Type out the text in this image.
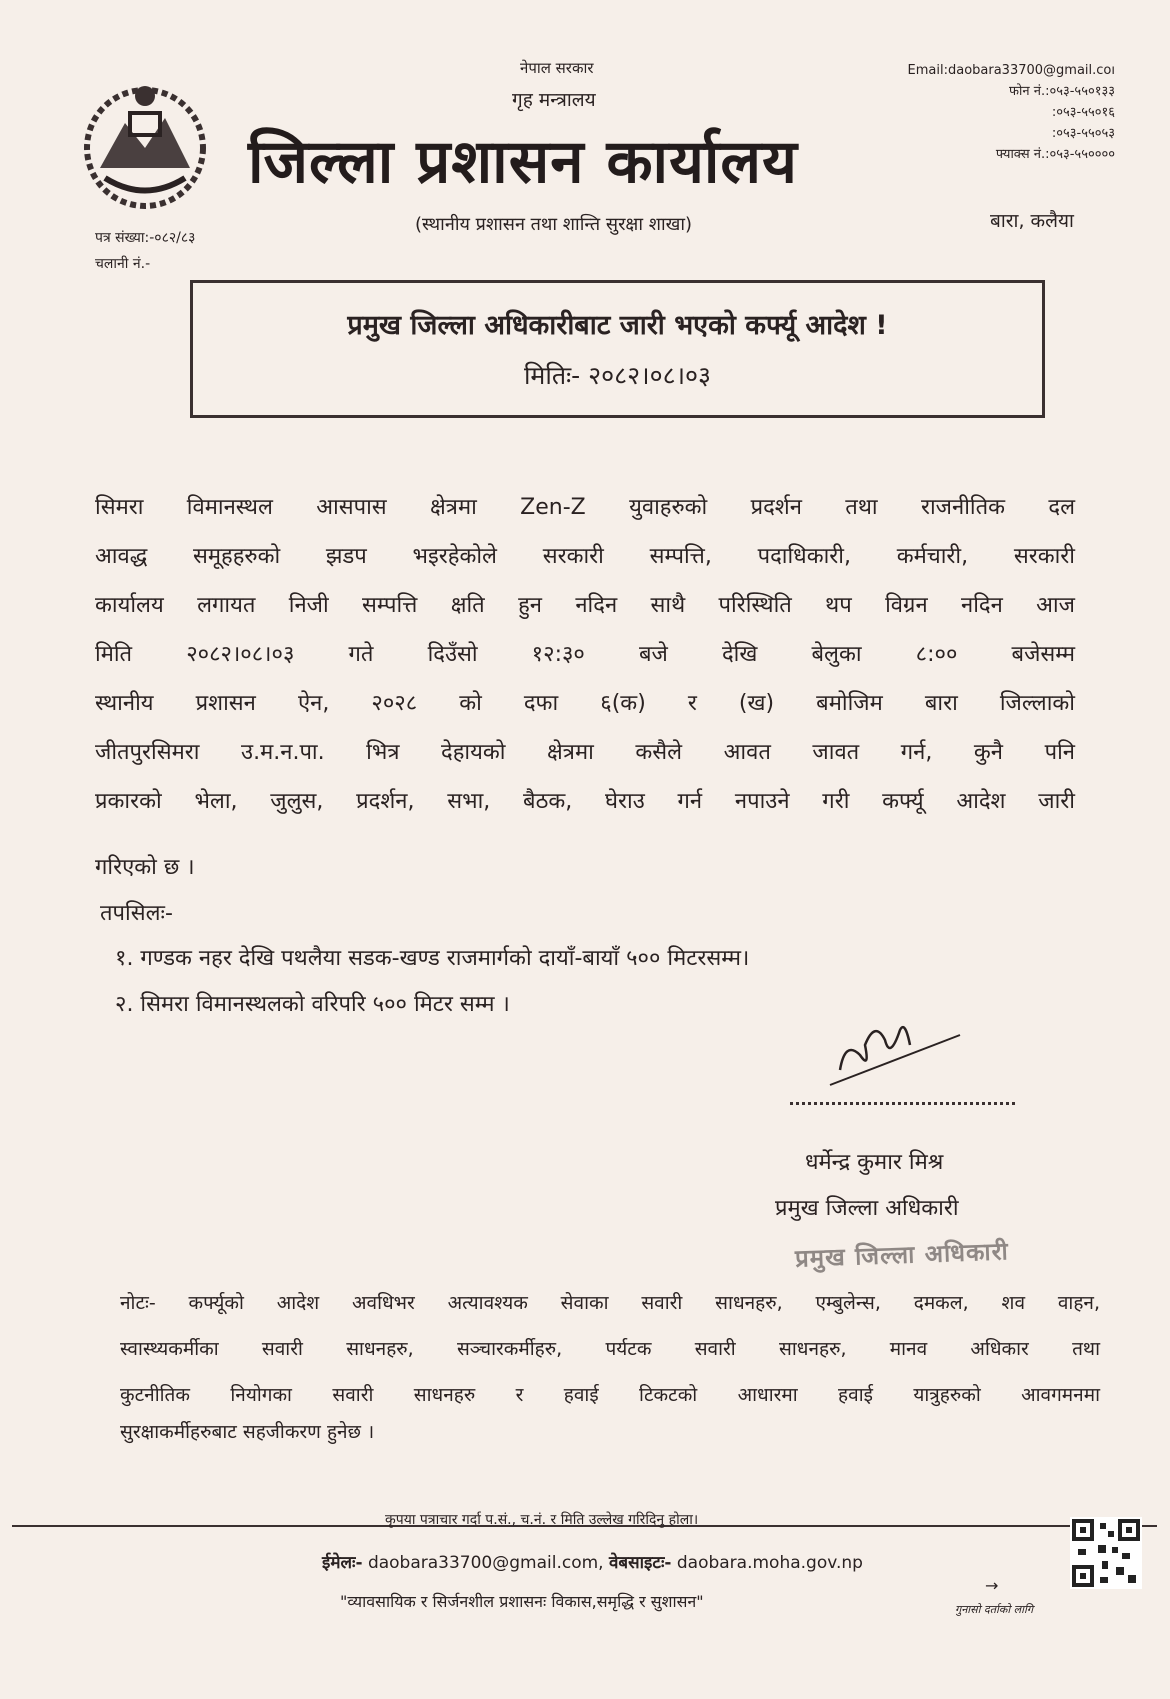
नेपाल सरकार
गृह मन्त्रालय
जिल्ला प्रशासन कार्यालय
(स्थानीय प्रशासन तथा शान्ति सुरक्षा शाखा)
Email:daobara33700@gmail.coı
फोन नं.:०५३-५५०१३३
:०५३-५५०१६
:०५३-५५०५३
फ्याक्स नं.:०५३-५५००००
बारा, कलैया
पत्र संख्या:-०८२/८३
चलानी नं.-
प्रमुख जिल्ला अधिकारीबाट जारी भएको कर्फ्यू आदेश !
मितिः- २०८२।०८।०३
सिमरा विमानस्थल आसपास क्षेत्रमा Zen-Z युवाहरुको प्रदर्शन तथा राजनीतिक दल
आवद्ध समूहहरुको झडप भइरहेकोले सरकारी सम्पत्ति, पदाधिकारी, कर्मचारी, सरकारी
कार्यालय लगायत निजी सम्पत्ति क्षति हुन नदिन साथै परिस्थिति थप विग्रन नदिन आज
मिति २०८२।०८।०३ गते दिउँसो १२:३० बजे देखि बेलुका ८:०० बजेसम्म
स्थानीय प्रशासन ऐन, २०२८ को दफा ६(क) र (ख) बमोजिम बारा जिल्लाको
जीतपुरसिमरा उ.म.न.पा. भित्र देहायको क्षेत्रमा कसैले आवत जावत गर्न, कुनै पनि
प्रकारको भेला, जुलुस, प्रदर्शन, सभा, बैठक, घेराउ गर्न नपाउने गरी कर्फ्यू आदेश जारी
गरिएको छ ।
तपसिलः-
१. गण्डक नहर देखि पथलैया सडक-खण्ड राजमार्गको दायाँ-बायाँ ५०० मिटरसम्म।
२. सिमरा विमानस्थलको वरिपरि ५०० मिटर सम्म ।
धर्मेन्द्र कुमार मिश्र
प्रमुख जिल्ला अधिकारी
प्रमुख जिल्ला अधिकारी
नोटः- कर्फ्यूको आदेश अवधिभर अत्यावश्यक सेवाका सवारी साधनहरु, एम्बुलेन्स, दमकल, शव वाहन,
स्वास्थ्यकर्मीका सवारी साधनहरु, सञ्चारकर्मीहरु, पर्यटक सवारी साधनहरु, मानव अधिकार तथा
कुटनीतिक नियोगका सवारी साधनहरु र हवाई टिकटको आधारमा हवाई यात्रुहरुको आवगमनमा
सुरक्षाकर्मीहरुबाट सहजीकरण हुनेछ ।
कृपया पत्राचार गर्दा प.सं., च.नं. र मिति उल्लेख गरिदिनु होला।
ईमेलः- daobara33700@gmail.com, वेबसाइटः- daobara.moha.gov.np
"व्यावसायिक र सिर्जनशील प्रशासनः विकास,समृद्धि र सुशासन"
→
गुनासो दर्ताको लागि
